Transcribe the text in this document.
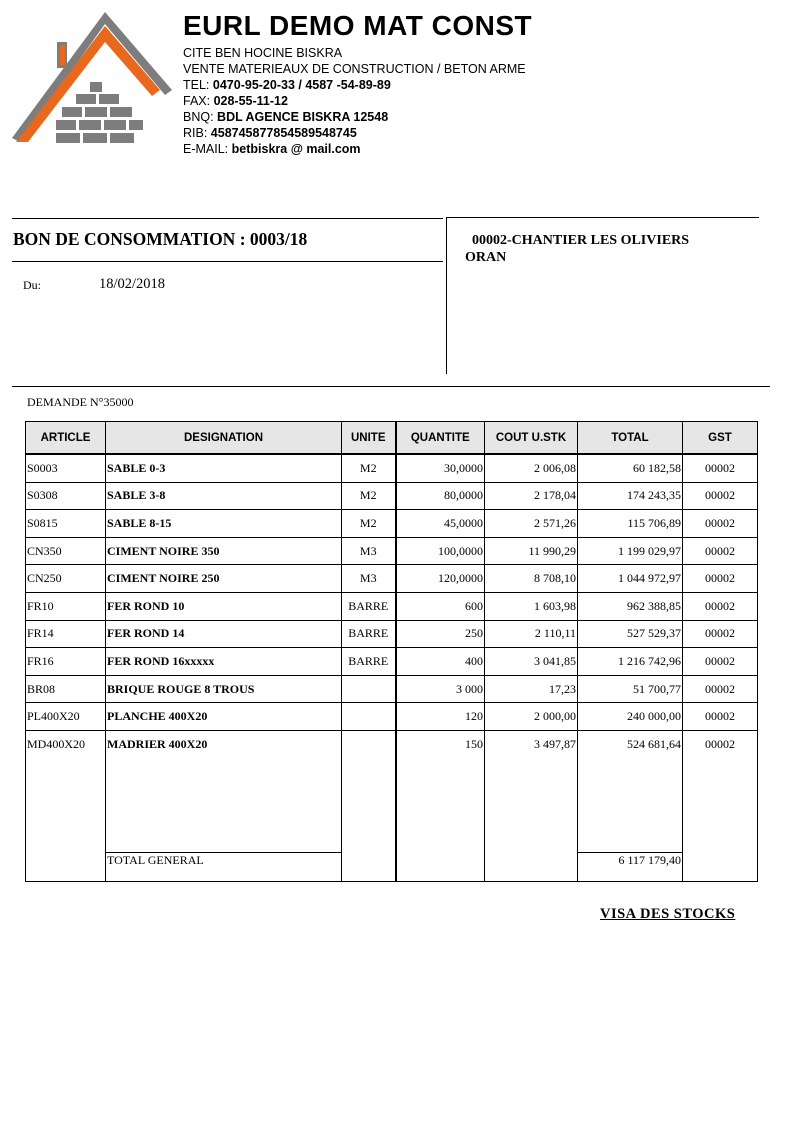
EURL DEMO MAT CONST
CITE BEN HOCINE BISKRA
VENTE MATERIEAUX DE CONSTRUCTION / BETON ARME
TEL: 0470-95-20-33 / 4587 -54-89-89
FAX: 028-55-11-12
BNQ: BDL AGENCE BISKRA 12548
RIB: 458745877854589548745
E-MAIL: betbiskra @ mail.com
BON DE CONSOMMATION : 0003/18
Du:	18/02/2018
00002-CHANTIER LES OLIVIERS
ORAN
DEMANDE N°35000
ARTICLE	DESIGNATION	UNITE	QUANTITE	COUT U.STK	TOTAL	GST
S0003	SABLE 0-3	M2	30,0000	2 006,08	60 182,58	00002
S0308	SABLE 3-8	M2	80,0000	2 178,04	174 243,35	00002
S0815	SABLE 8-15	M2	45,0000	2 571,26	115 706,89	00002
CN350	CIMENT NOIRE 350	M3	100,0000	11 990,29	1 199 029,97	00002
CN250	CIMENT NOIRE 250	M3	120,0000	8 708,10	1 044 972,97	00002
FR10	FER ROND 10	BARRE	600	1 603,98	962 388,85	00002
FR14	FER ROND 14	BARRE	250	2 110,11	527 529,37	00002
FR16	FER ROND 16xxxxx	BARRE	400	3 041,85	1 216 742,96	00002
BR08	BRIQUE ROUGE 8 TROUS		3 000	17,23	51 700,77	00002
PL400X20	PLANCHE 400X20		120	2 000,00	240 000,00	00002
MD400X20	MADRIER 400X20		150	3 497,87	524 681,64	00002
	TOTAL GENERAL				6 117 179,40	
VISA DES STOCKS
